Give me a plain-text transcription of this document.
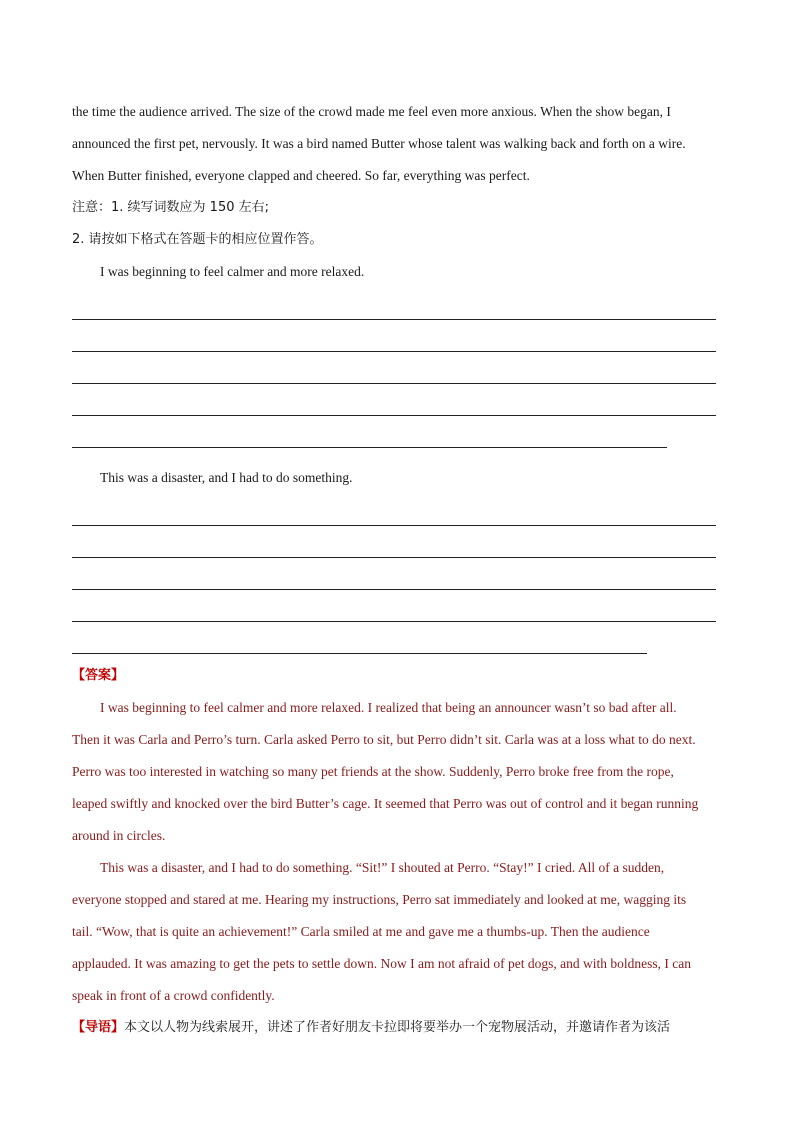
the time the audience arrived. The size of the crowd made me feel even more anxious. When the show began, I

announced the first pet, nervously. It was a bird named Butter whose talent was walking back and forth on a wire.

When Butter finished, everyone clapped and cheered. So far, everything was perfect.

注意：1. 续写词数应为 150 左右;

2. 请按如下格式在答题卡的相应位置作答。

I was beginning to feel calmer and more relaxed.

This was a disaster, and I had to do something.

【答案】

I was beginning to feel calmer and more relaxed. I realized that being an announcer wasn’t so bad after all.

Then it was Carla and Perro’s turn. Carla asked Perro to sit, but Perro didn’t sit. Carla was at a loss what to do next.

Perro was too interested in watching so many pet friends at the show. Suddenly, Perro broke free from the rope,

leaped swiftly and knocked over the bird Butter’s cage. It seemed that Perro was out of control and it began running

around in circles.

This was a disaster, and I had to do something. “Sit!” I shouted at Perro. “Stay!” I cried. All of a sudden,

everyone stopped and stared at me. Hearing my instructions, Perro sat immediately and looked at me, wagging its

tail. “Wow, that is quite an achievement!” Carla smiled at me and gave me a thumbs-up. Then the audience

applauded. It was amazing to get the pets to settle down. Now I am not afraid of pet dogs, and with boldness, I can

speak in front of a crowd confidently.

【导语】本文以人物为线索展开，讲述了作者好朋友卡拉即将要举办一个宠物展活动，并邀请作者为该活
